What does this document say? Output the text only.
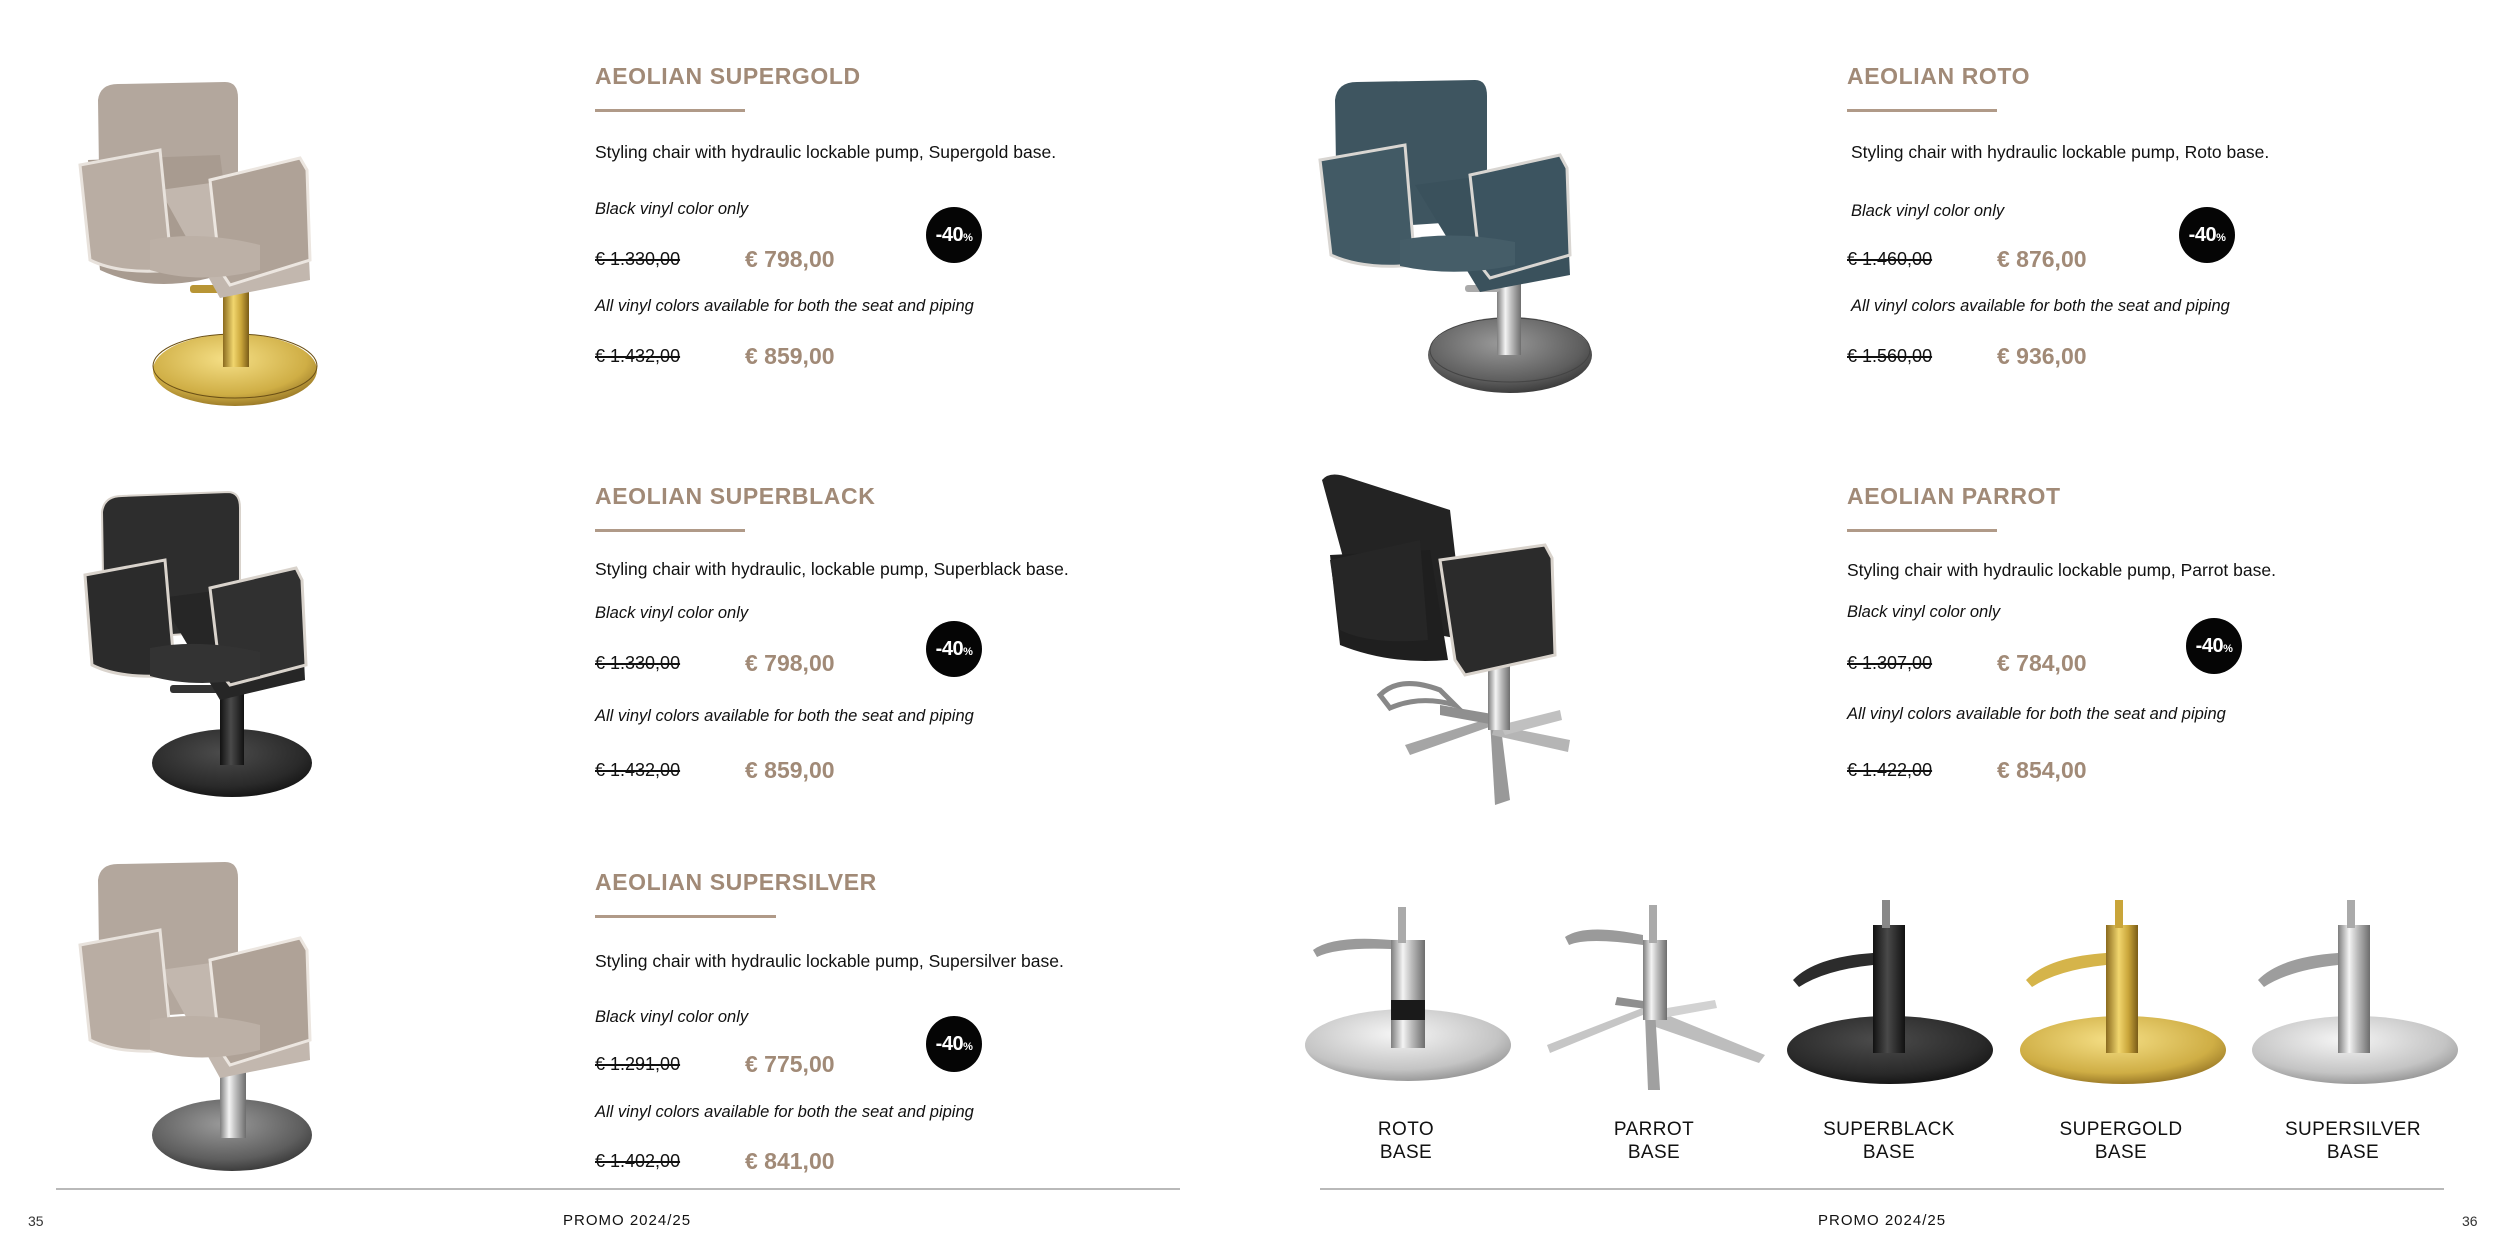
AEOLIAN SUPERGOLD
Styling chair with hydraulic lockable pump, Supergold base.
Black vinyl color only
€ 1.330,00	€ 798,00
All vinyl colors available for both the seat and piping
€ 1.432,00	€ 859,00
-40 %
AEOLIAN SUPERBLACK
Styling chair with hydraulic, lockable pump, Superblack base.
Black vinyl color only
€ 1.330,00	€ 798,00
All vinyl colors available for both the seat and piping
€ 1.432,00	€ 859,00
-40 %
AEOLIAN SUPERSILVER
Styling chair with hydraulic lockable pump, Supersilver base.
Black vinyl color only
€ 1.291,00	€ 775,00
All vinyl colors available for both the seat and piping
€ 1.402,00	€ 841,00
-40 %
35	PROMO 2024/25
AEOLIAN ROTO
Styling chair with hydraulic lockable pump, Roto base.
Black vinyl color only
€ 1.460,00	€ 876,00
All vinyl colors available for both the seat and piping
€ 1.560,00	€ 936,00
-40 %
AEOLIAN PARROT
Styling chair with hydraulic lockable pump, Parrot base.
Black vinyl color only
€ 1.307,00	€ 784,00
All vinyl colors available for both the seat and piping
€ 1.422,00	€ 854,00
-40 %
ROTO
BASE
PARROT
BASE
SUPERBLACK
BASE
SUPERGOLD
BASE
SUPERSILVER
BASE
PROMO 2024/25	36
